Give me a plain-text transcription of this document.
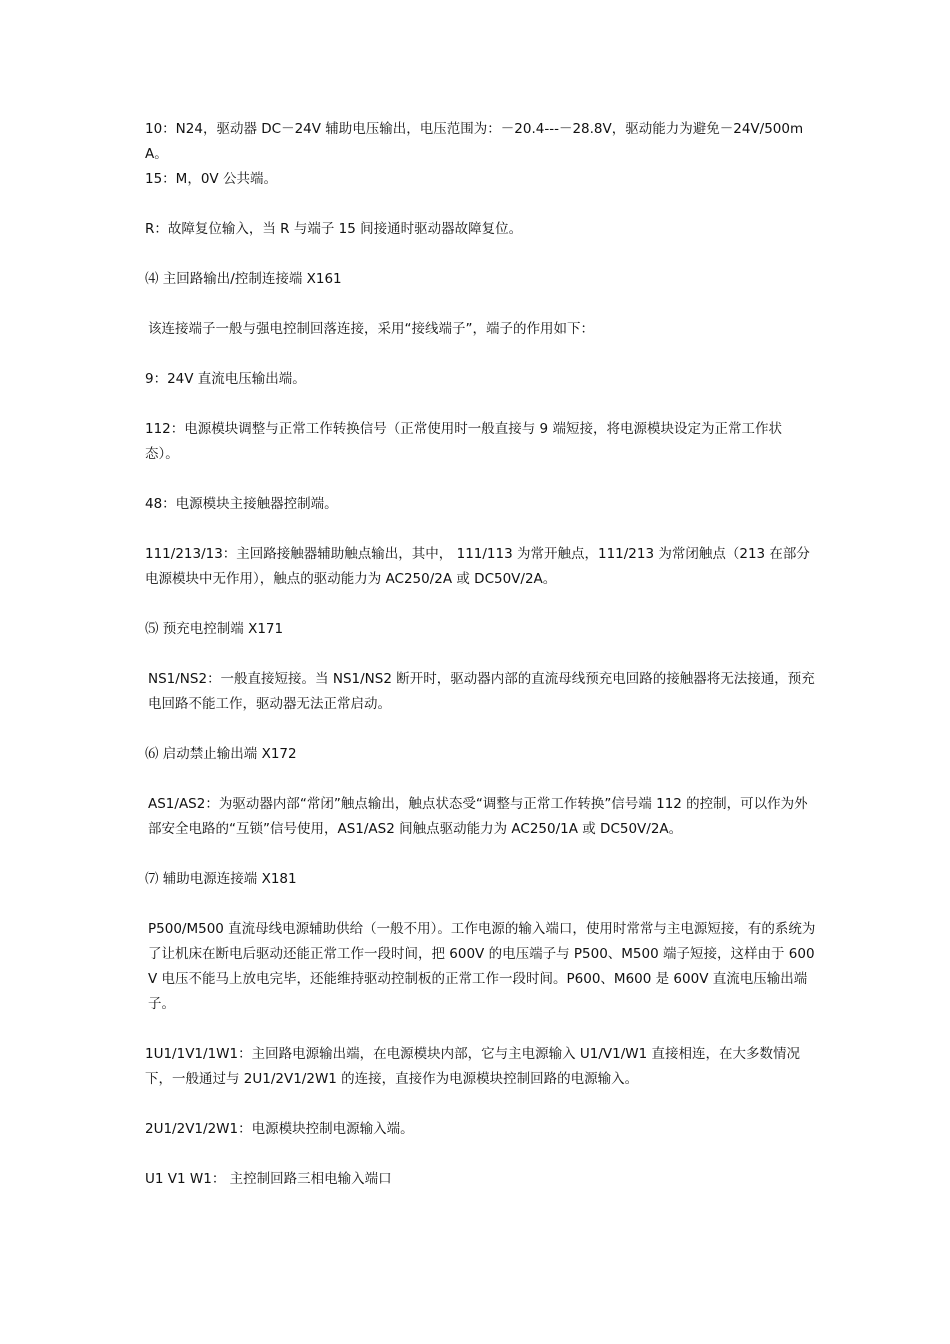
10：N24，驱动器 DC－24V 辅助电压输出，电压范围为：－20.4---－28.8V，驱动能力为避免－24V/500mA。

15：M，0V 公共端。

R：故障复位输入，当 R 与端子 15 间接通时驱动器故障复位。

⑷ 主回路输出/控制连接端 X161

该连接端子一般与强电控制回落连接，采用“接线端子”，端子的作用如下：

9：24V 直流电压输出端。

112：电源模块调整与正常工作转换信号（正常使用时一般直接与 9 端短接，将电源模块设定为正常工作状态）。

48：电源模块主接触器控制端。

111/213/13：主回路接触器辅助触点输出，其中， 111/113 为常开触点，111/213 为常闭触点（213 在部分电源模块中无作用），触点的驱动能力为 AC250/2A 或 DC50V/2A。

⑸ 预充电控制端 X171

NS1/NS2：一般直接短接。当 NS1/NS2 断开时，驱动器内部的直流母线预充电回路的接触器将无法接通，预充电回路不能工作，驱动器无法正常启动。

⑹ 启动禁止输出端 X172

AS1/AS2：为驱动器内部“常闭”触点输出，触点状态受“调整与正常工作转换”信号端 112 的控制，可以作为外部安全电路的“互锁”信号使用，AS1/AS2 间触点驱动能力为 AC250/1A 或 DC50V/2A。

⑺ 辅助电源连接端 X181

P500/M500 直流母线电源辅助供给（一般不用）。工作电源的输入端口，使用时常常与主电源短接，有的系统为了让机床在断电后驱动还能正常工作一段时间，把 600V 的电压端子与 P500、M500 端子短接，这样由于 600V 电压不能马上放电完毕，还能维持驱动控制板的正常工作一段时间。P600、M600 是 600V 直流电压输出端子。

1U1/1V1/1W1：主回路电源输出端，在电源模块内部，它与主电源输入 U1/V1/W1 直接相连，在大多数情况下，一般通过与 2U1/2V1/2W1 的连接，直接作为电源模块控制回路的电源输入。

2U1/2V1/2W1：电源模块控制电源输入端。

U1 V1 W1： 主控制回路三相电输入端口
